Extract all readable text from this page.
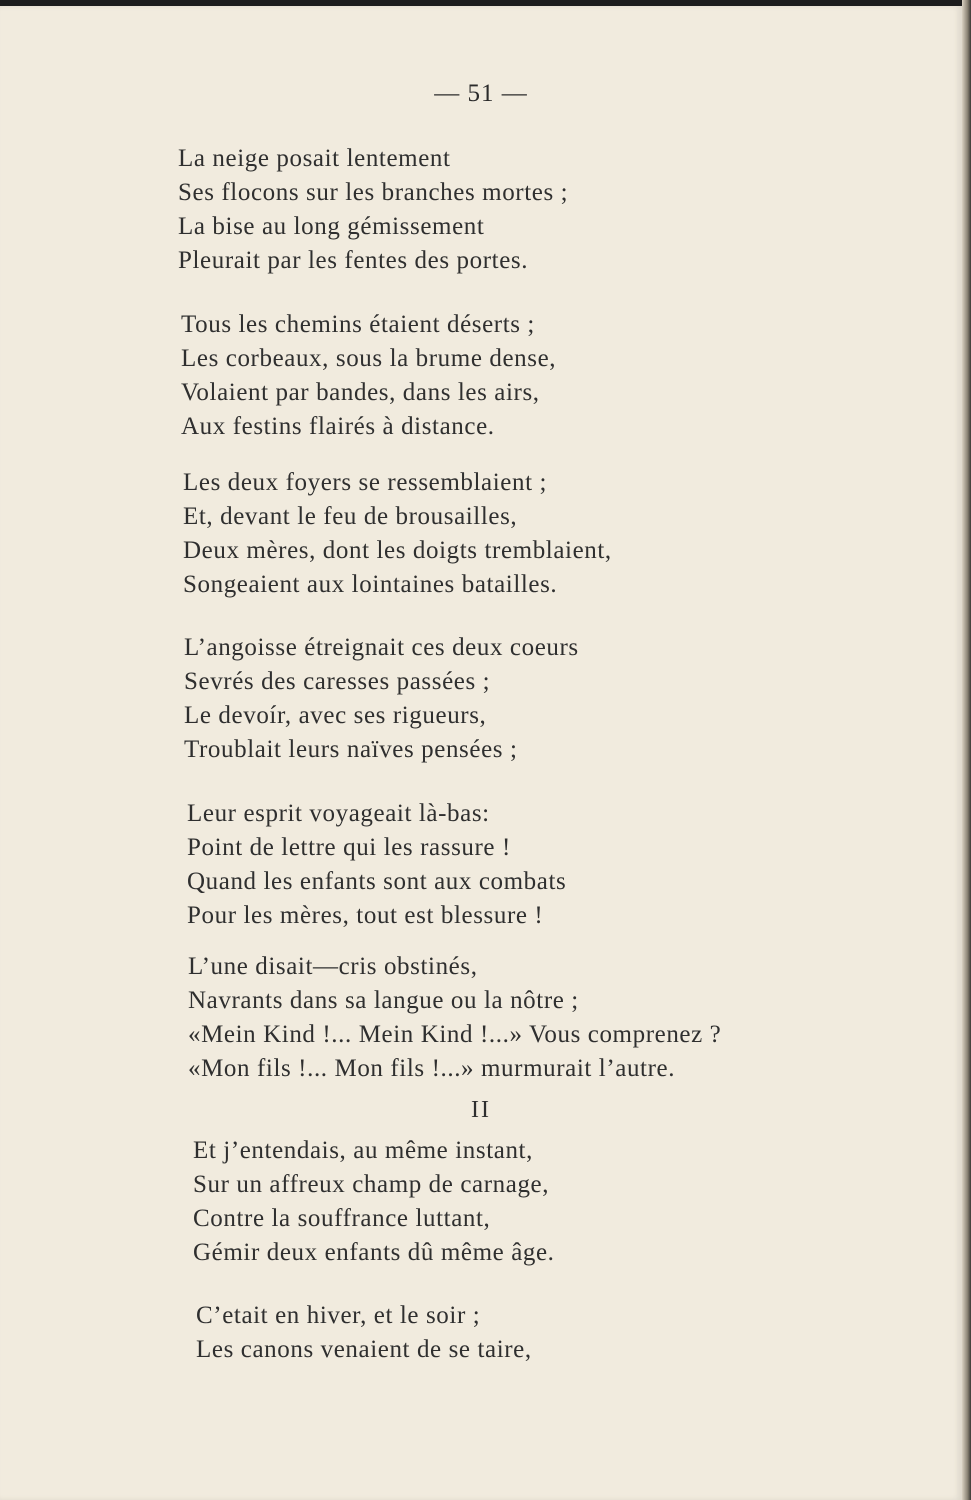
— 51 —
La neige posait lentement
Ses flocons sur les branches mortes ;
La bise au long gémissement
Pleurait par les fentes des portes.
Tous les chemins étaient déserts ;
Les corbeaux, sous la brume dense,
Volaient par bandes, dans les airs,
Aux festins flairés à distance.
Les deux foyers se ressemblaient ;
Et, devant le feu de brousailles,
Deux mères, dont les doigts tremblaient,
Songeaient aux lointaines batailles.
L’angoisse étreignait ces deux coeurs
Sevrés des caresses passées ;
Le devoír, avec ses rigueurs,
Troublait leurs naïves pensées ;
Leur esprit voyageait là-bas:
Point de lettre qui les rassure !
Quand les enfants sont aux combats
Pour les mères, tout est blessure !
L’une disait—cris obstinés,
Navrants dans sa langue ou la nôtre ;
«Mein Kind !... Mein Kind !...» Vous comprenez ?
«Mon fils !... Mon fils !...» murmurait l’autre.
II
Et j’entendais, au même instant,
Sur un affreux champ de carnage,
Contre la souffrance luttant,
Gémir deux enfants dû même âge.
C’etait en hiver, et le soir ;
Les canons venaient de se taire,
